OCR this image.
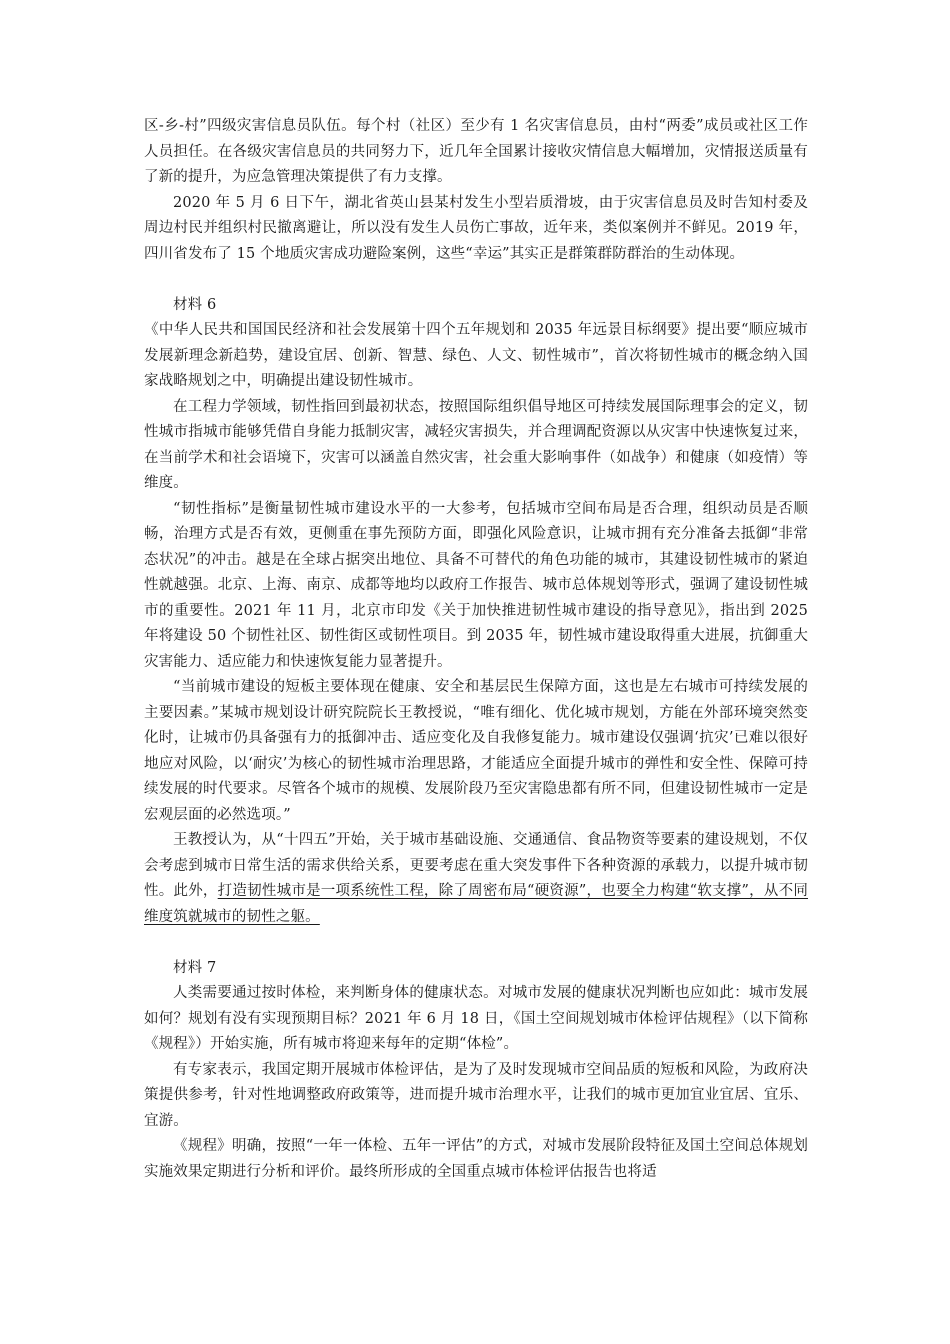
区-乡-村”四级灾害信息员队伍。每个村（社区）至少有 1 名灾害信息员，由村“两委”成员或社区工作人员担任。在各级灾害信息员的共同努力下，近几年全国累计接收灾情信息大幅增加，灾情报送质量有了新的提升，为应急管理决策提供了有力支撑。

2020 年 5 月 6 日下午，湖北省英山县某村发生小型岩质滑坡，由于灾害信息员及时告知村委及周边村民并组织村民撤离避让，所以没有发生人员伤亡事故，近年来，类似案例并不鲜见。2019 年，四川省发布了 15 个地质灾害成功避险案例，这些“幸运”其实正是群策群防群治的生动体现。

材料 6

《中华人民共和国国民经济和社会发展第十四个五年规划和 2035 年远景目标纲要》提出要“顺应城市发展新理念新趋势，建设宜居、创新、智慧、绿色、人文、韧性城市”，首次将韧性城市的概念纳入国家战略规划之中，明确提出建设韧性城市。

在工程力学领域，韧性指回到最初状态，按照国际组织倡导地区可持续发展国际理事会的定义，韧性城市指城市能够凭借自身能力抵制灾害，减轻灾害损失，并合理调配资源以从灾害中快速恢复过来，在当前学术和社会语境下，灾害可以涵盖自然灾害，社会重大影响事件（如战争）和健康（如疫情）等维度。

“韧性指标”是衡量韧性城市建设水平的一大参考，包括城市空间布局是否合理，组织动员是否顺畅，治理方式是否有效，更侧重在事先预防方面，即强化风险意识，让城市拥有充分准备去抵御“非常态状况”的冲击。越是在全球占据突出地位、具备不可替代的角色功能的城市，其建设韧性城市的紧迫性就越强。北京、上海、南京、成都等地均以政府工作报告、城市总体规划等形式，强调了建设韧性城市的重要性。2021 年 11 月，北京市印发《关于加快推进韧性城市建设的指导意见》，指出到 2025 年将建设 50 个韧性社区、韧性街区或韧性项目。到 2035 年，韧性城市建设取得重大进展，抗御重大灾害能力、适应能力和快速恢复能力显著提升。

“当前城市建设的短板主要体现在健康、安全和基层民生保障方面，这也是左右城市可持续发展的主要因素。”某城市规划设计研究院院长王教授说，“唯有细化、优化城市规划，方能在外部环境突然变化时，让城市仍具备强有力的抵御冲击、适应变化及自我修复能力。城市建设仅强调‘抗灾’已难以很好地应对风险，以‘耐灾’为核心的韧性城市治理思路，才能适应全面提升城市的弹性和安全性、保障可持续发展的时代要求。尽管各个城市的规模、发展阶段乃至灾害隐患都有所不同，但建设韧性城市一定是宏观层面的必然选项。”

王教授认为，从“十四五”开始，关于城市基础设施、交通通信、食品物资等要素的建设规划，不仅会考虑到城市日常生活的需求供给关系，更要考虑在重大突发事件下各种资源的承载力，以提升城市韧性。此外，打造韧性城市是一项系统性工程，除了周密布局“硬资源”，也要全力构建“软支撑”，从不同维度筑就城市的韧性之躯。

材料 7

人类需要通过按时体检，来判断身体的健康状态。对城市发展的健康状况判断也应如此：城市发展如何？规划有没有实现预期目标？2021 年 6 月 18 日，《国土空间规划城市体检评估规程》（以下简称《规程》）开始实施，所有城市将迎来每年的定期“体检”。

有专家表示，我国定期开展城市体检评估，是为了及时发现城市空间品质的短板和风险，为政府决策提供参考，针对性地调整政府政策等，进而提升城市治理水平，让我们的城市更加宜业宜居、宜乐、宜游。

《规程》明确，按照“一年一体检、五年一评估”的方式，对城市发展阶段特征及国土空间总体规划实施效果定期进行分析和评价。最终所形成的全国重点城市体检评估报告也将适
